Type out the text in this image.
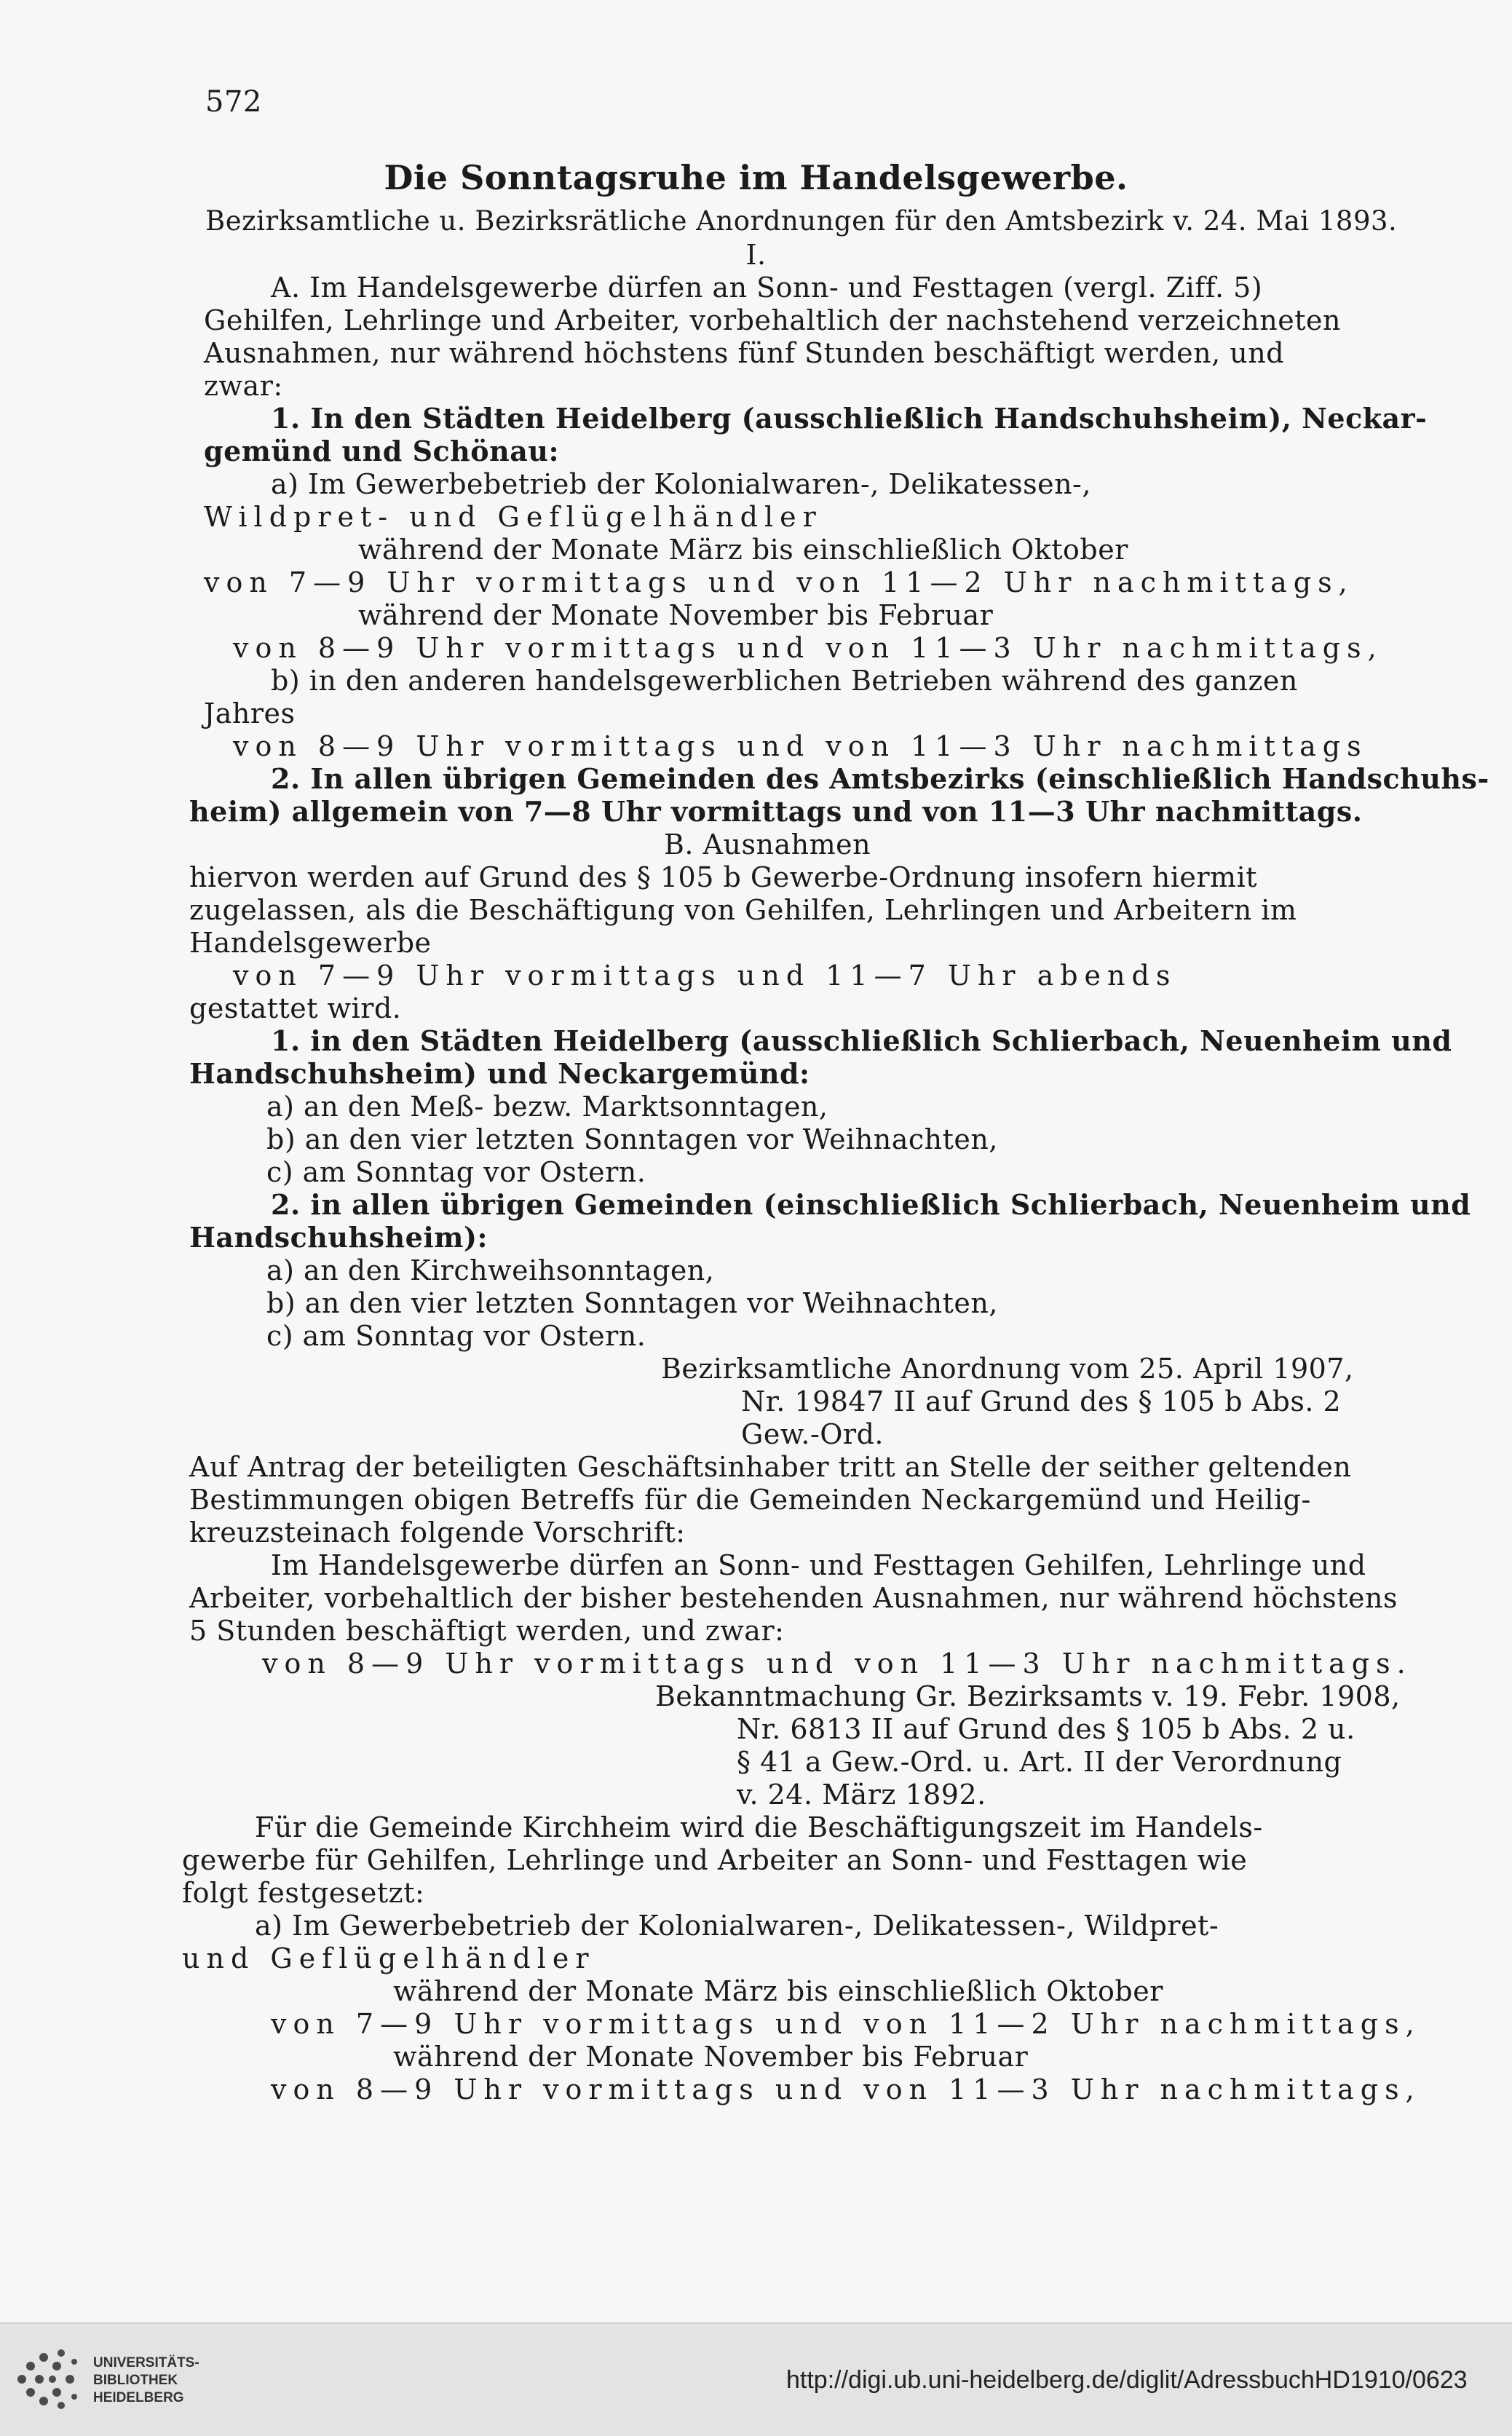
572
Die Sonntagsruhe im Handelsgewerbe.
Bezirksamtliche u. Bezirksrätliche Anordnungen für den Amtsbezirk v. 24. Mai 1893.
I.
A. Im Handelsgewerbe dürfen an Sonn- und Festtagen (vergl. Ziff. 5)
Gehilfen, Lehrlinge und Arbeiter, vorbehaltlich der nachstehend verzeichneten
Ausnahmen, nur während höchstens fünf Stunden beschäftigt werden, und
zwar:
1. In den Städten Heidelberg (ausschließlich Handschuhsheim), Neckar-
gemünd und Schönau:
a) Im Gewerbebetrieb der Kolonialwaren-, Delikatessen-,
Wildpret- und Geflügelhändler
während der Monate März bis einschließlich Oktober
von 7—9 Uhr vormittags und von 11—2 Uhr nachmittags,
während der Monate November bis Februar
von 8—9 Uhr vormittags und von 11—3 Uhr nachmittags,
b) in den anderen handelsgewerblichen Betrieben während des ganzen
Jahres
von 8—9 Uhr vormittags und von 11—3 Uhr nachmittags
2. In allen übrigen Gemeinden des Amtsbezirks (einschließlich Handschuhs-
heim) allgemein von 7—8 Uhr vormittags und von 11—3 Uhr nachmittags.
B. Ausnahmen
hiervon werden auf Grund des § 105 b Gewerbe-Ordnung insofern hiermit
zugelassen, als die Beschäftigung von Gehilfen, Lehrlingen und Arbeitern im
Handelsgewerbe
von 7—9 Uhr vormittags und 11—7 Uhr abends
gestattet wird.
1. in den Städten Heidelberg (ausschließlich Schlierbach, Neuenheim und
Handschuhsheim) und Neckargemünd:
a) an den Meß- bezw. Marktsonntagen,
b) an den vier letzten Sonntagen vor Weihnachten,
c) am Sonntag vor Ostern.
2. in allen übrigen Gemeinden (einschließlich Schlierbach, Neuenheim und
Handschuhsheim):
a) an den Kirchweihsonntagen,
b) an den vier letzten Sonntagen vor Weihnachten,
c) am Sonntag vor Ostern.
Bezirksamtliche Anordnung vom 25. April 1907,
Nr. 19847 II auf Grund des § 105 b Abs. 2
Gew.-Ord.
Auf Antrag der beteiligten Geschäftsinhaber tritt an Stelle der seither geltenden
Bestimmungen obigen Betreffs für die Gemeinden Neckargemünd und Heilig-
kreuzsteinach folgende Vorschrift:
Im Handelsgewerbe dürfen an Sonn- und Festtagen Gehilfen, Lehrlinge und
Arbeiter, vorbehaltlich der bisher bestehenden Ausnahmen, nur während höchstens
5 Stunden beschäftigt werden, und zwar:
von 8—9 Uhr vormittags und von 11—3 Uhr nachmittags.
Bekanntmachung Gr. Bezirksamts v. 19. Febr. 1908,
Nr. 6813 II auf Grund des § 105 b Abs. 2 u.
§ 41 a Gew.-Ord. u. Art. II der Verordnung
v. 24. März 1892.
Für die Gemeinde Kirchheim wird die Beschäftigungszeit im Handels-
gewerbe für Gehilfen, Lehrlinge und Arbeiter an Sonn- und Festtagen wie
folgt festgesetzt:
a) Im Gewerbebetrieb der Kolonialwaren-, Delikatessen-, Wildpret-
und Geflügelhändler
während der Monate März bis einschließlich Oktober
von 7—9 Uhr vormittags und von 11—2 Uhr nachmittags,
während der Monate November bis Februar
von 8—9 Uhr vormittags und von 11—3 Uhr nachmittags,
UNIVERSITÄTS-
BIBLIOTHEK
HEIDELBERG
http://digi.ub.uni-heidelberg.de/diglit/AdressbuchHD1910/0623
